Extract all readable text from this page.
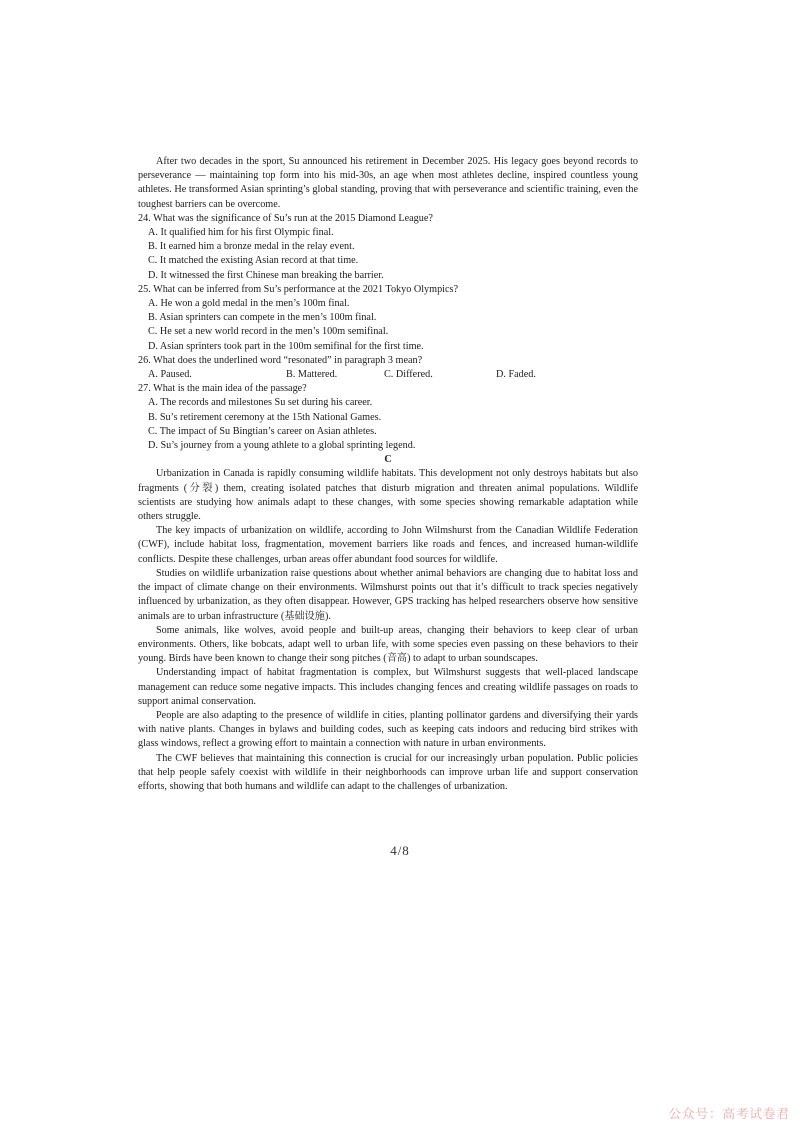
After two decades in the sport, Su announced his retirement in December 2025. His legacy goes beyond records to perseverance — maintaining top form into his mid-30s, an age when most athletes decline, inspired countless young athletes. He transformed Asian sprinting’s global standing, proving that with perseverance and scientific training, even the toughest barriers can be overcome.

24. What was the significance of Su’s run at the 2015 Diamond League?

A. It qualified him for his first Olympic final.

B. It earned him a bronze medal in the relay event.

C. It matched the existing Asian record at that time.

D. It witnessed the first Chinese man breaking the barrier.

25. What can be inferred from Su’s performance at the 2021 Tokyo Olympics?

A. He won a gold medal in the men’s 100m final.

B. Asian sprinters can compete in the men’s 100m final.

C. He set a new world record in the men’s 100m semifinal.

D. Asian sprinters took part in the 100m semifinal for the first time.

26. What does the underlined word “resonated” in paragraph 3 mean?

A. Paused.	B. Mattered.	C. Differed.	D. Faded.

27. What is the main idea of the passage?

A. The records and milestones Su set during his career.

B. Su’s retirement ceremony at the 15th National Games.

C. The impact of Su Bingtian’s career on Asian athletes.

D. Su’s journey from a young athlete to a global sprinting legend.

C

Urbanization in Canada is rapidly consuming wildlife habitats. This development not only destroys habitats but also fragments (分裂) them, creating isolated patches that disturb migration and threaten animal populations. Wildlife scientists are studying how animals adapt to these changes, with some species showing remarkable adaptation while others struggle.

The key impacts of urbanization on wildlife, according to John Wilmshurst from the Canadian Wildlife Federation (CWF), include habitat loss, fragmentation, movement barriers like roads and fences, and increased human-wildlife conflicts. Despite these challenges, urban areas offer abundant food sources for wildlife.

Studies on wildlife urbanization raise questions about whether animal behaviors are changing due to habitat loss and the impact of climate change on their environments. Wilmshurst points out that it’s difficult to track species negatively influenced by urbanization, as they often disappear. However, GPS tracking has helped researchers observe how sensitive animals are to urban infrastructure (基础设施).

Some animals, like wolves, avoid people and built-up areas, changing their behaviors to keep clear of urban environments. Others, like bobcats, adapt well to urban life, with some species even passing on these behaviors to their young. Birds have been known to change their song pitches (音高) to adapt to urban soundscapes.

Understanding impact of habitat fragmentation is complex, but Wilmshurst suggests that well-placed landscape management can reduce some negative impacts. This includes changing fences and creating wildlife passages on roads to support animal conservation.

People are also adapting to the presence of wildlife in cities, planting pollinator gardens and diversifying their yards with native plants. Changes in bylaws and building codes, such as keeping cats indoors and reducing bird strikes with glass windows, reflect a growing effort to maintain a connection with nature in urban environments.

The CWF believes that maintaining this connection is crucial for our increasingly urban population. Public policies that help people safely coexist with wildlife in their neighborhoods can improve urban life and support conservation efforts, showing that both humans and wildlife can adapt to the challenges of urbanization.

4/8
公众号：高考试卷君
